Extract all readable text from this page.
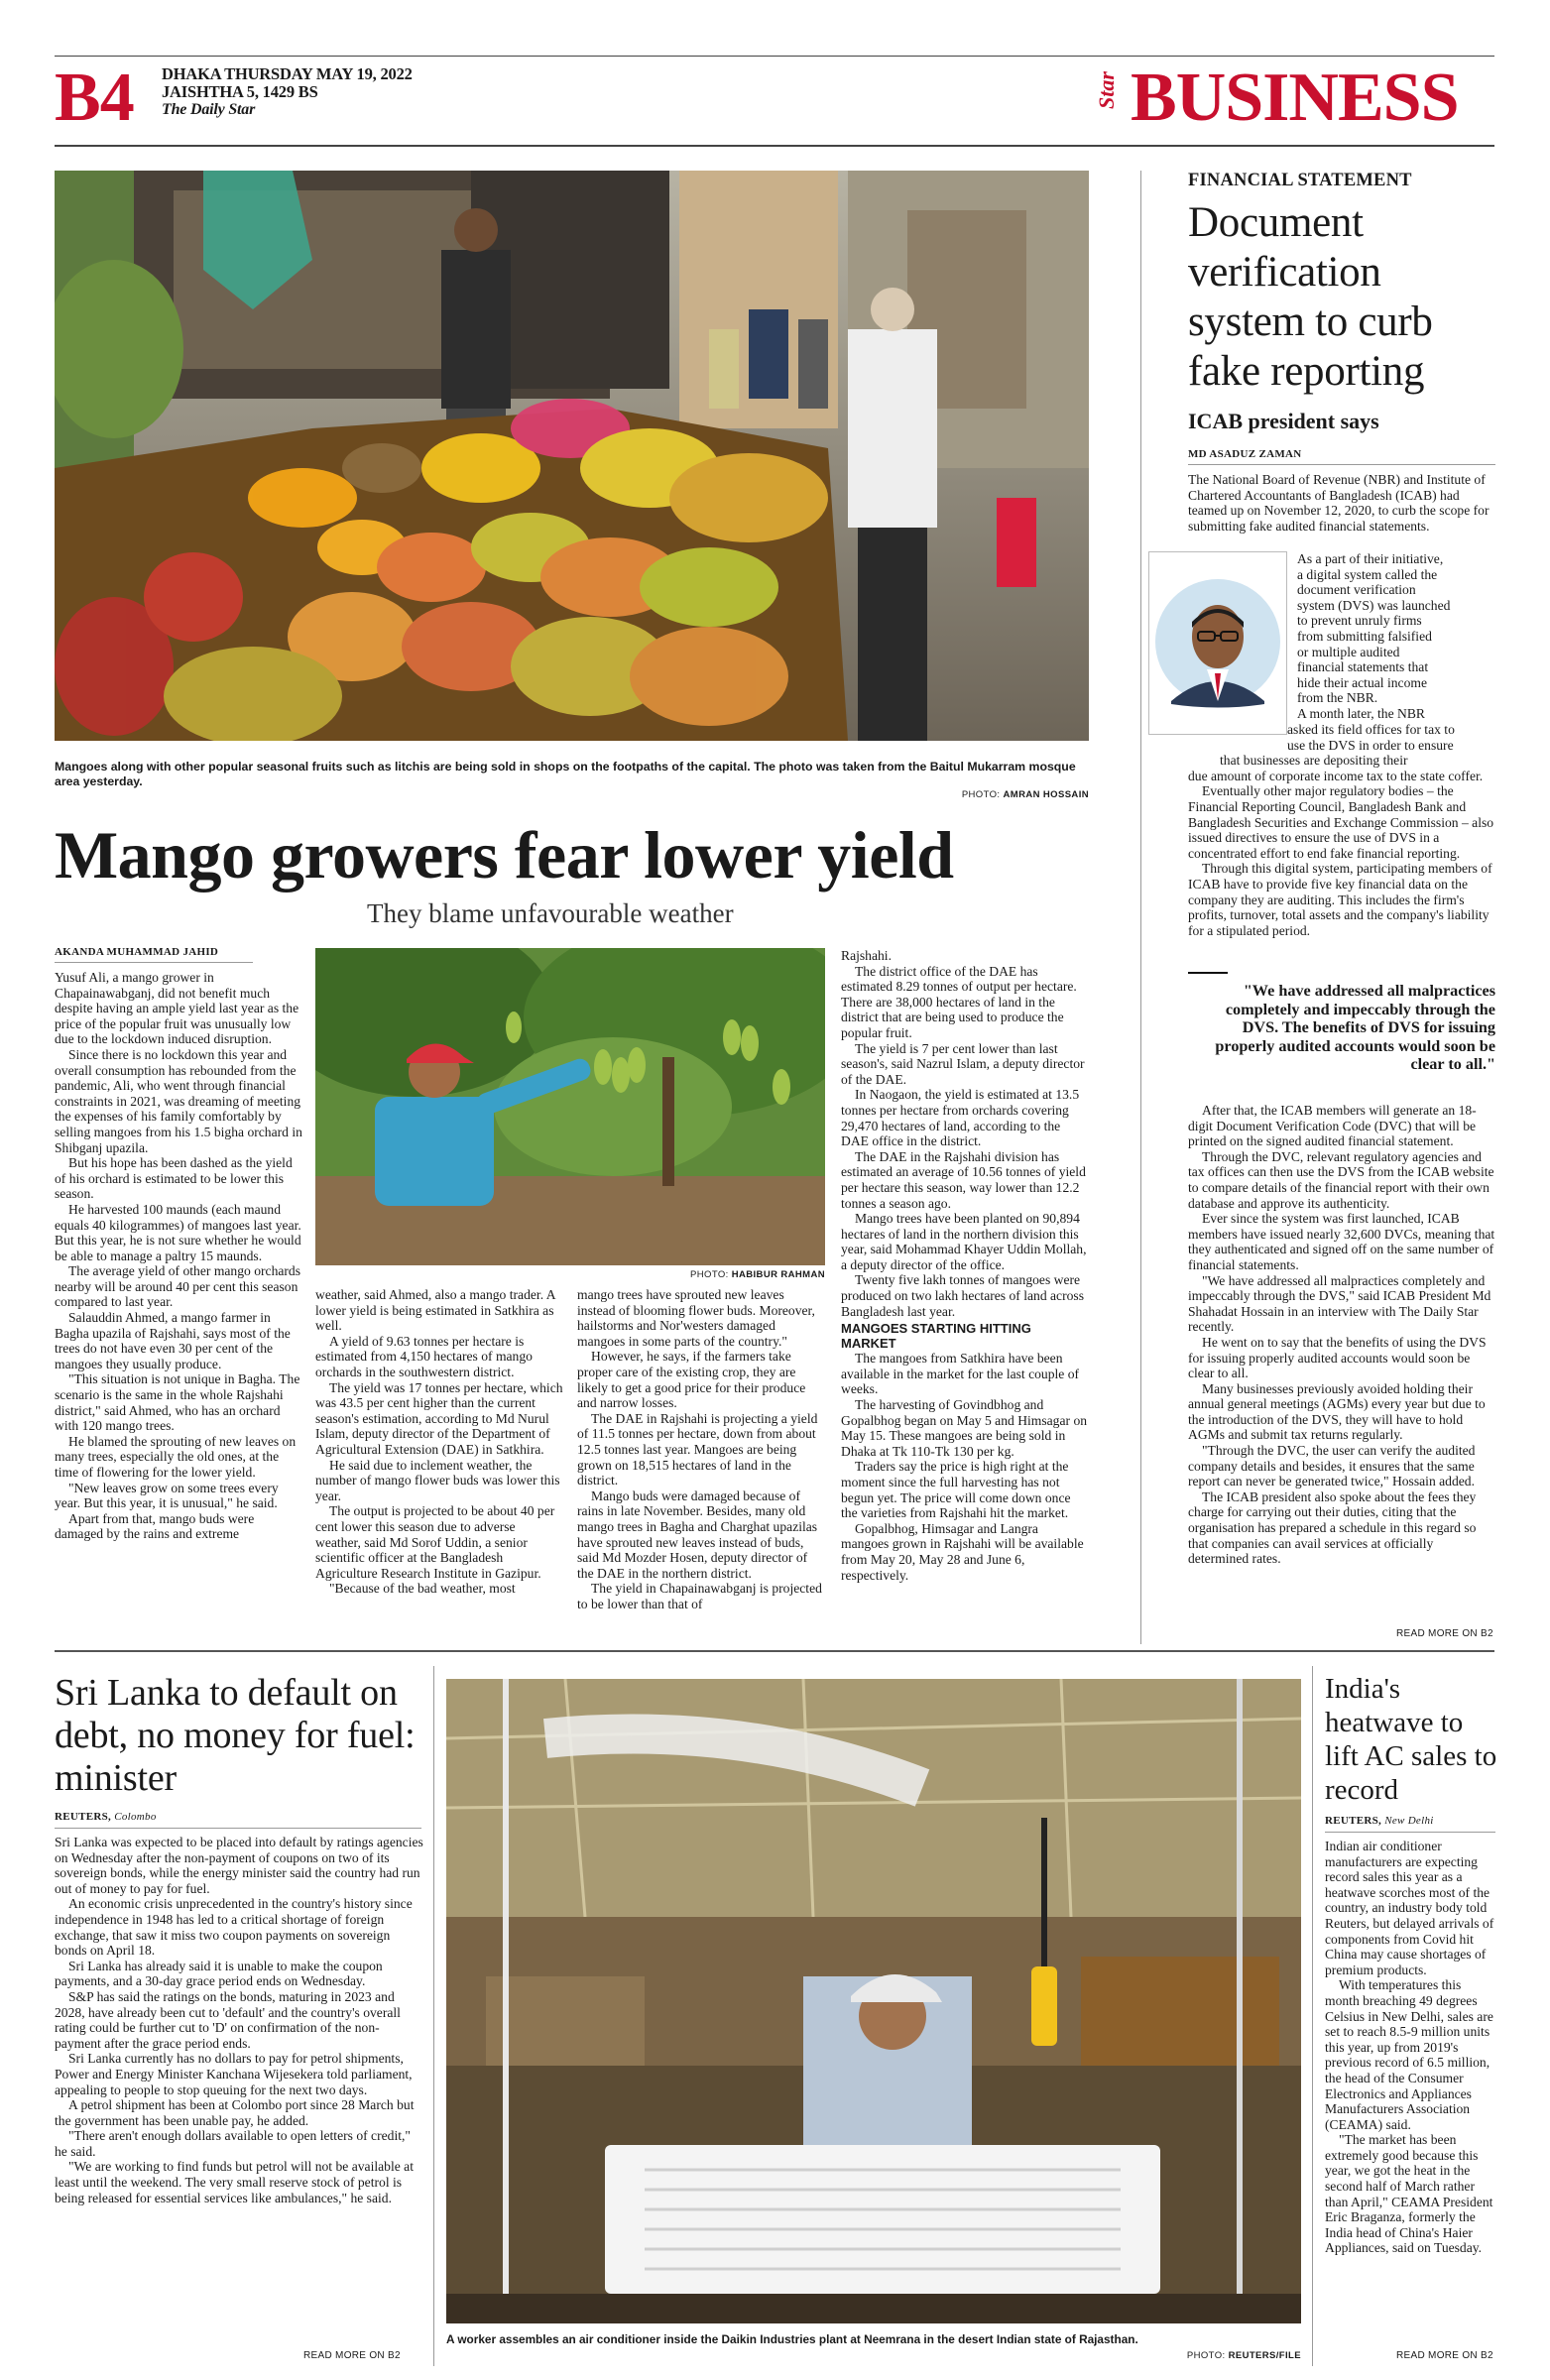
B4 DHAKA THURSDAY MAY 19, 2022
JAISHTHA 5, 1429 BS
The Daily Star
Star BUSINESS
Mangoes along with other popular seasonal fruits such as litchis are being sold in shops on the footpaths of the capital. The photo was taken from the Baitul Mukarram mosque area yesterday.
PHOTO: AMRAN HOSSAIN
Mango growers fear lower yield
They blame unfavourable weather
AKANDA MUHAMMAD JAHID

Yusuf Ali, a mango grower in Chapainawabganj, did not benefit much despite having an ample yield last year as the price of the popular fruit was unusually low due to the lockdown induced disruption.

Since there is no lockdown this year and overall consumption has rebounded from the pandemic, Ali, who went through financial constraints in 2021, was dreaming of meeting the expenses of his family comfortably by selling mangoes from his 1.5 bigha orchard in Shibganj upazila.

But his hope has been dashed as the yield of his orchard is estimated to be lower this season.

He harvested 100 maunds (each maund equals 40 kilogrammes) of mangoes last year. But this year, he is not sure whether he would be able to manage a paltry 15 maunds.

The average yield of other mango orchards nearby will be around 40 per cent this season compared to last year.

Salauddin Ahmed, a mango farmer in Bagha upazila of Rajshahi, says most of the trees do not have even 30 per cent of the mangoes they usually produce.

"This situation is not unique in Bagha. The scenario is the same in the whole Rajshahi district," said Ahmed, who has an orchard with 120 mango trees.

He blamed the sprouting of new leaves on many trees, especially the old ones, at the time of flowering for the lower yield.

"New leaves grow on some trees every year. But this year, it is unusual," he said.

Apart from that, mango buds were damaged by the rains and extreme

PHOTO: HABIBUR RAHMAN

weather, said Ahmed, also a mango trader. A lower yield is being estimated in Satkhira as well.

A yield of 9.63 tonnes per hectare is estimated from 4,150 hectares of mango orchards in the southwestern district.

The yield was 17 tonnes per hectare, which was 43.5 per cent higher than the current season's estimation, according to Md Nurul Islam, deputy director of the Department of Agricultural Extension (DAE) in Satkhira.

He said due to inclement weather, the number of mango flower buds was lower this year.

The output is projected to be about 40 per cent lower this season due to adverse weather, said Md Sorof Uddin, a senior scientific officer at the Bangladesh Agriculture Research Institute in Gazipur.

"Because of the bad weather, most

mango trees have sprouted new leaves instead of blooming flower buds. Moreover, hailstorms and Nor'westers damaged mangoes in some parts of the country."

However, he says, if the farmers take proper care of the existing crop, they are likely to get a good price for their produce and narrow losses.

The DAE in Rajshahi is projecting a yield of 11.5 tonnes per hectare, down from about 12.5 tonnes last year. Mangoes are being grown on 18,515 hectares of land in the district.

Mango buds were damaged because of rains in late November. Besides, many old mango trees in Bagha and Charghat upazilas have sprouted new leaves instead of buds, said Md Mozder Hosen, deputy director of the DAE in the northern district.

The yield in Chapainawabganj is projected to be lower than that of

Rajshahi.

The district office of the DAE has estimated 8.29 tonnes of output per hectare. There are 38,000 hectares of land in the district that are being used to produce the popular fruit.

The yield is 7 per cent lower than last season's, said Nazrul Islam, a deputy director of the DAE.

In Naogaon, the yield is estimated at 13.5 tonnes per hectare from orchards covering 29,470 hectares of land, according to the DAE office in the district.

The DAE in the Rajshahi division has estimated an average of 10.56 tonnes of yield per hectare this season, way lower than 12.2 tonnes a season ago.

Mango trees have been planted on 90,894 hectares of land in the northern division this year, said Mohammad Khayer Uddin Mollah, a deputy director of the office.

Twenty five lakh tonnes of mangoes were produced on two lakh hectares of land across Bangladesh last year.

MANGOES STARTING HITTING MARKET

The mangoes from Satkhira have been available in the market for the last couple of weeks.

The harvesting of Govindbhog and Gopalbhog began on May 5 and Himsagar on May 15. These mangoes are being sold in Dhaka at Tk 110-Tk 130 per kg.

Traders say the price is high right at the moment since the full harvesting has not begun yet. The price will come down once the varieties from Rajshahi hit the market.

Gopalbhog, Himsagar and Langra mangoes grown in Rajshahi will be available from May 20, May 28 and June 6, respectively.

FINANCIAL STATEMENT
Document verification system to curb fake reporting
ICAB president says
MD ASADUZ ZAMAN
The National Board of Revenue (NBR) and Institute of Chartered Accountants of Bangladesh (ICAB) had teamed up on November 12, 2020, to curb the scope for submitting fake audited financial statements.
As a part of their initiative,
a digital system called the
document verification
system (DVS) was launched
to prevent unruly firms
from submitting falsified
or multiple audited
financial statements that
hide their actual income
from the NBR.
A month later, the NBR
asked its field offices for tax to
use the DVS in order to ensure
that businesses are depositing their

due amount of corporate income tax to the state coffer.

Eventually other major regulatory bodies – the Financial Reporting Council, Bangladesh Bank and Bangladesh Securities and Exchange Commission – also issued directives to ensure the use of DVS in a concentrated effort to end fake financial reporting.

Through this digital system, participating members of ICAB have to provide five key financial data on the company they are auditing. This includes the firm's profits, turnover, total assets and the company's liability for a stipulated period.

"We have addressed all malpractices completely and impeccably through the DVS. The benefits of DVS for issuing properly audited accounts would soon be clear to all."

After that, the ICAB members will generate an 18-digit Document Verification Code (DVC) that will be printed on the signed audited financial statement.

Through the DVC, relevant regulatory agencies and tax offices can then use the DVS from the ICAB website to compare details of the financial report with their own database and approve its authenticity.

Ever since the system was first launched, ICAB members have issued nearly 32,600 DVCs, meaning that they authenticated and signed off on the same number of financial statements.

"We have addressed all malpractices completely and impeccably through the DVS," said ICAB President Md Shahadat Hossain in an interview with The Daily Star recently.

He went on to say that the benefits of using the DVS for issuing properly audited accounts would soon be clear to all.

Many businesses previously avoided holding their annual general meetings (AGMs) every year but due to the introduction of the DVS, they will have to hold AGMs and submit tax returns regularly.

"Through the DVC, the user can verify the audited company details and besides, it ensures that the same report can never be generated twice," Hossain added.

The ICAB president also spoke about the fees they charge for carrying out their duties, citing that the organisation has prepared a schedule in this regard so that companies can avail services at officially determined rates.

READ MORE ON B2
Sri Lanka to default on debt, no money for fuel: minister
REUTERS, Colombo

Sri Lanka was expected to be placed into default by ratings agencies on Wednesday after the non-payment of coupons on two of its sovereign bonds, while the energy minister said the country had run out of money to pay for fuel.

An economic crisis unprecedented in the country's history since independence in 1948 has led to a critical shortage of foreign exchange, that saw it miss two coupon payments on sovereign bonds on April 18.

Sri Lanka has already said it is unable to make the coupon payments, and a 30-day grace period ends on Wednesday.

S&P has said the ratings on the bonds, maturing in 2023 and 2028, have already been cut to 'default' and the country's overall rating could be further cut to 'D' on confirmation of the non-payment after the grace period ends.

Sri Lanka currently has no dollars to pay for petrol shipments, Power and Energy Minister Kanchana Wijesekera told parliament, appealing to people to stop queuing for the next two days.

A petrol shipment has been at Colombo port since 28 March but the government has been unable pay, he added.

"There aren't enough dollars available to open letters of credit," he said.

"We are working to find funds but petrol will not be available at least until the weekend. The very small reserve stock of petrol is being released for essential services like ambulances," he said.

READ MORE ON B2
A worker assembles an air conditioner inside the Daikin Industries plant at Neemrana in the desert Indian state of Rajasthan.
PHOTO: REUTERS/FILE
India's heatwave to lift AC sales to record
REUTERS, New Delhi

Indian air conditioner manufacturers are expecting record sales this year as a heatwave scorches most of the country, an industry body told Reuters, but delayed arrivals of components from Covid hit China may cause shortages of premium products.

With temperatures this month breaching 49 degrees Celsius in New Delhi, sales are set to reach 8.5-9 million units this year, up from 2019's previous record of 6.5 million, the head of the Consumer Electronics and Appliances Manufacturers Association (CEAMA) said.

"The market has been extremely good because this year, we got the heat in the second half of March rather than April," CEAMA President Eric Braganza, formerly the India head of China's Haier Appliances, said on Tuesday.

READ MORE ON B2
